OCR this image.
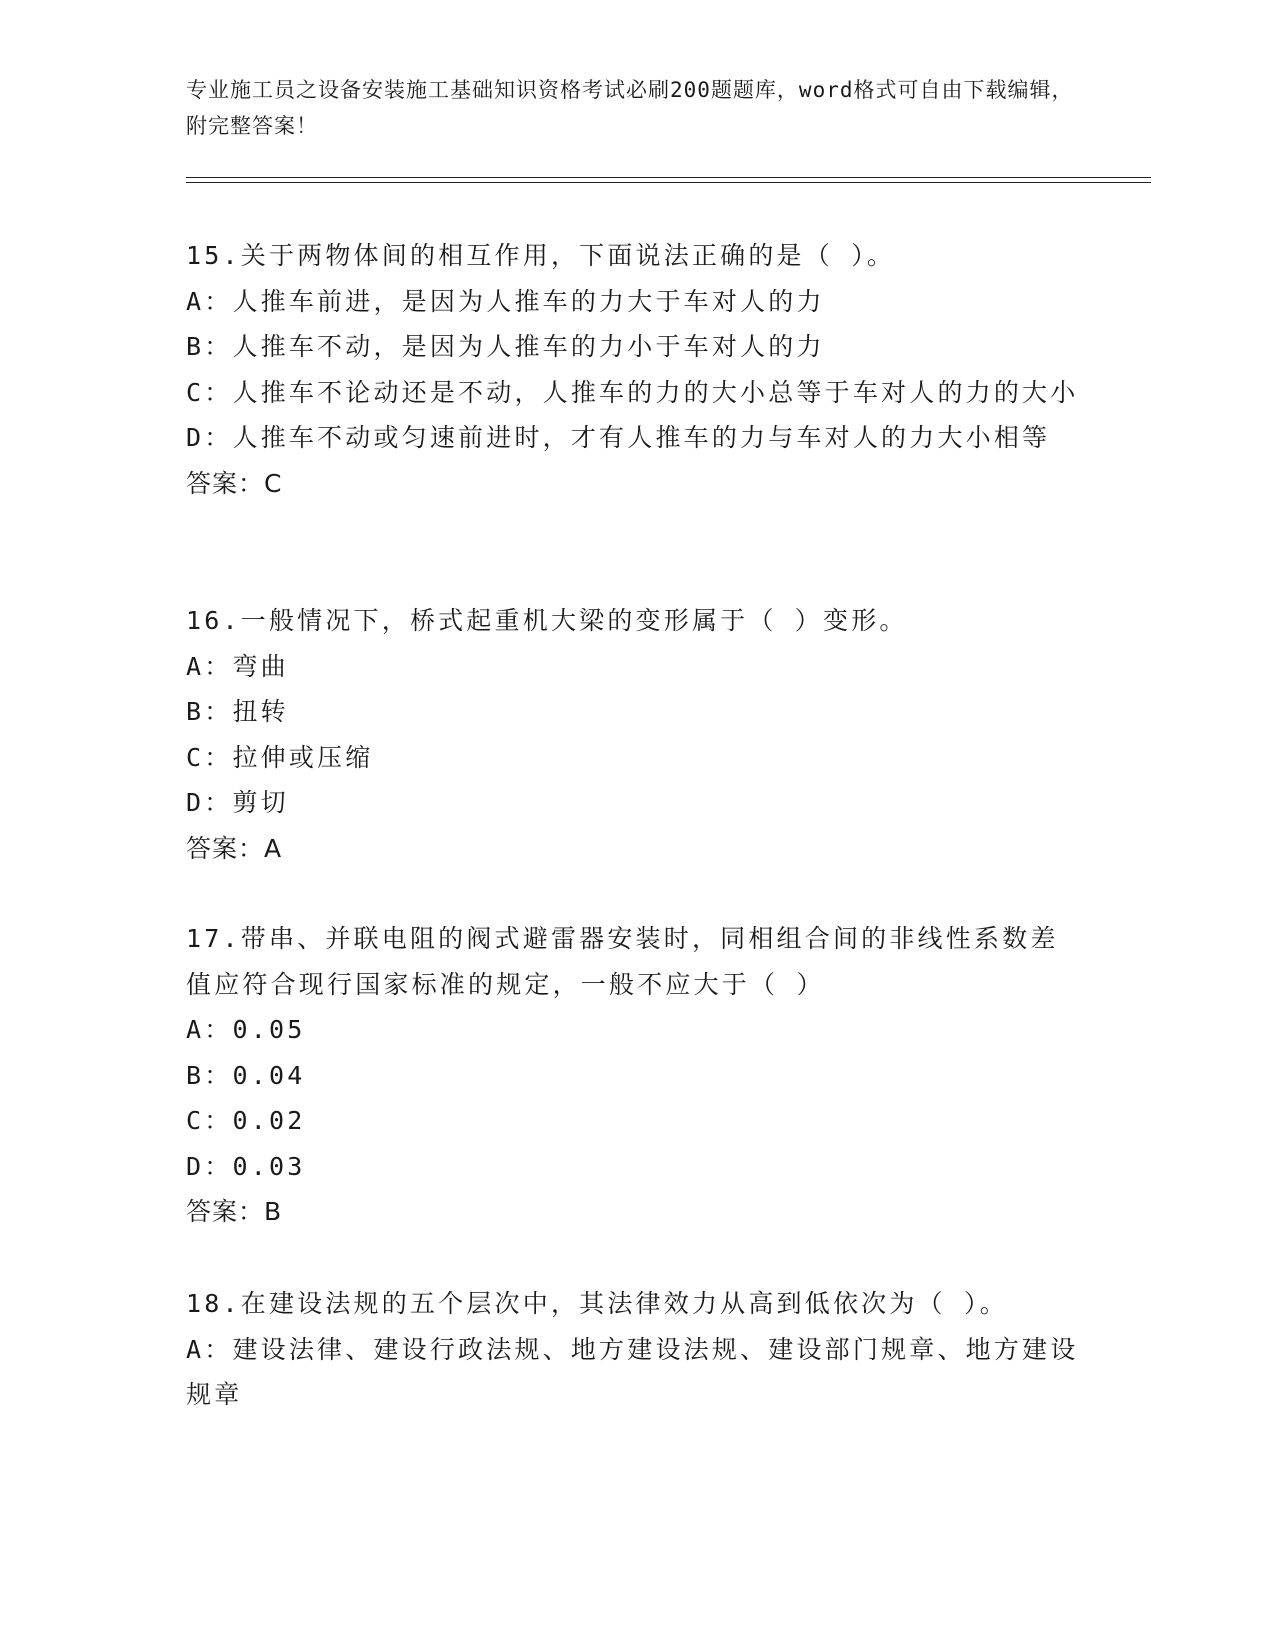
专业施工员之设备安装施工基础知识资格考试必刷200题题库，word格式可自由下载编辑，附完整答案！
15.关于两物体间的相互作用，下面说法正确的是（ ）。
A：人推车前进，是因为人推车的力大于车对人的力
B：人推车不动，是因为人推车的力小于车对人的力
C：人推车不论动还是不动，人推车的力的大小总等于车对人的力的大小
D：人推车不动或匀速前进时，才有人推车的力与车对人的力大小相等
答案：C
16.一般情况下，桥式起重机大梁的变形属于（ ）变形。
A：弯曲
B：扭转
C：拉伸或压缩
D：剪切
答案：A
17.带串、并联电阻的阀式避雷器安装时，同相组合间的非线性系数差值应符合现行国家标准的规定，一般不应大于（ ）
A：0.05
B：0.04
C：0.02
D：0.03
答案：B
18.在建设法规的五个层次中，其法律效力从高到低依次为（ ）。
A：建设法律、建设行政法规、地方建设法规、建设部门规章、地方建设规章
